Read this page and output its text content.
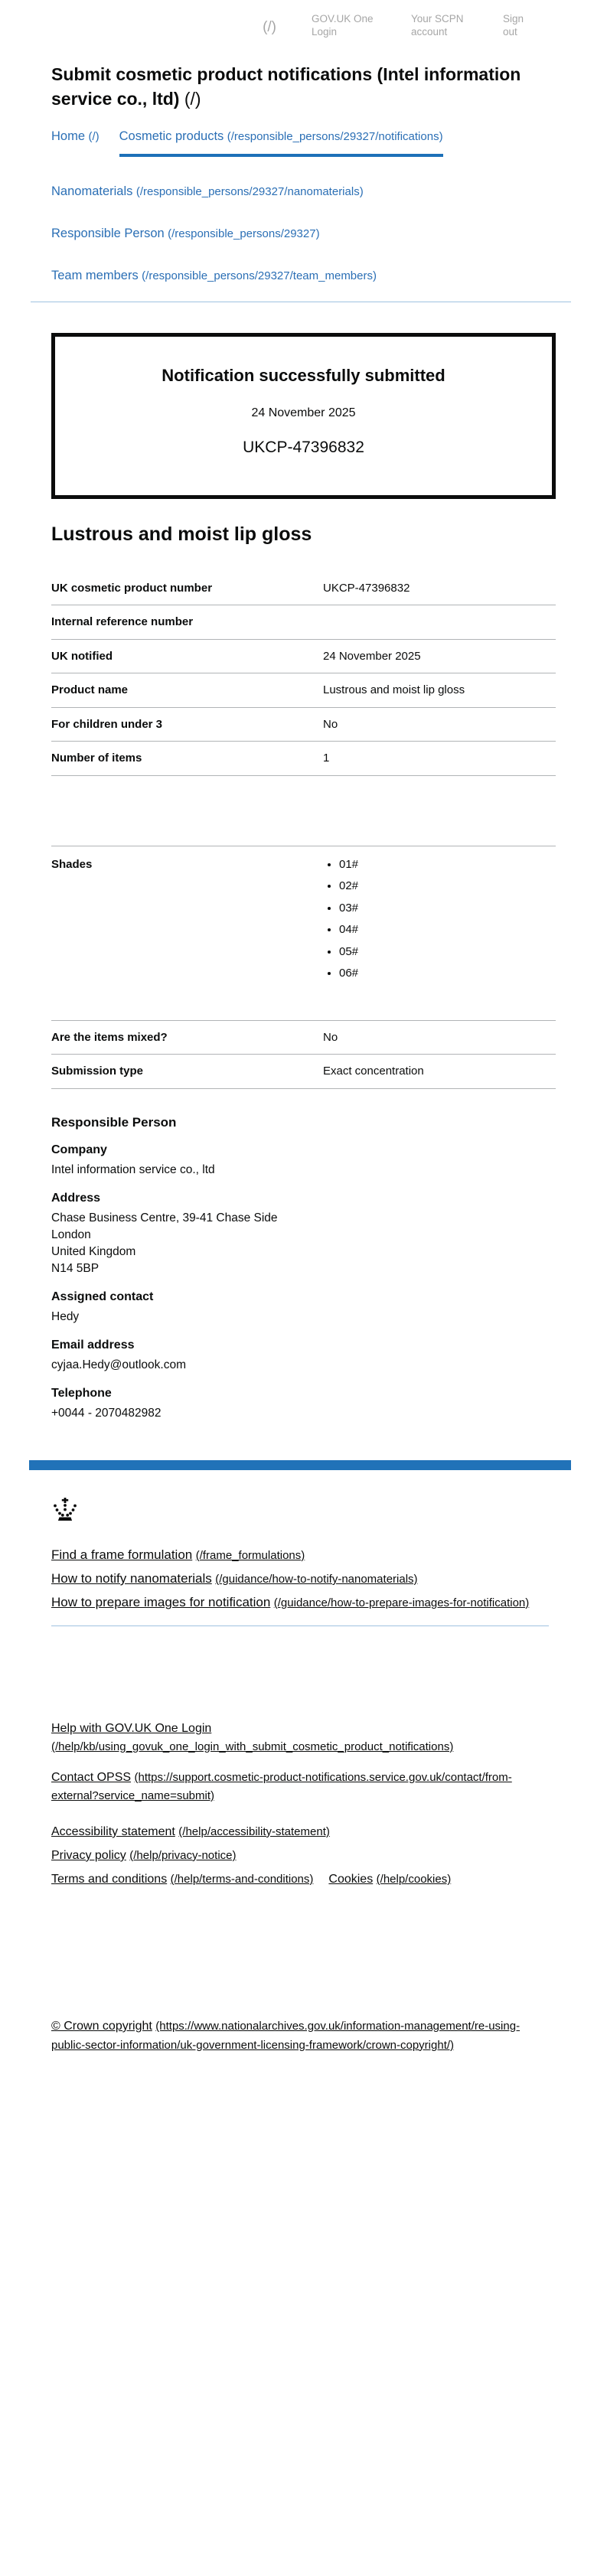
(/)
GOV.UK One Login
Your SCPN account
Sign out
Submit cosmetic product notifications (Intel information service co., ltd) (/)
Home (/) Cosmetic products (/responsible_persons/29327/notifications)
Nanomaterials (/responsible_persons/29327/nanomaterials)
Responsible Person (/responsible_persons/29327)
Team members (/responsible_persons/29327/team_members)
Notification successfully submitted
24 November 2025
UKCP-47396832
Lustrous and moist lip gloss
UK cosmetic product number	UKCP-47396832
Internal reference number
UK notified	24 November 2025
Product name	Lustrous and moist lip gloss
For children under 3	No
Number of items	1
Shades	• 01#
• 02#
• 03#
• 04#
• 05#
• 06#
Are the items mixed?	No
Submission type	Exact concentration
Responsible Person
Company
Intel information service co., ltd
Address
Chase Business Centre, 39-41 Chase Side
London
United Kingdom
N14 5BP
Assigned contact
Hedy
Email address
cyjaa.Hedy@outlook.com
Telephone
+0044 - 2070482982

Find a frame formulation (/frame_formulations)

How to notify nanomaterials (/guidance/how-to-notify-nanomaterials)

How to prepare images for notification (/guidance/how-to-prepare-images-for-notification)

Help with GOV.UK One Login (/help/kb/using_govuk_one_login_with_submit_cosmetic_product_notifications)

Contact OPSS (https://support.cosmetic-product-notifications.service.gov.uk/contact/from-external?service_name=submit)

Accessibility statement (/help/accessibility-statement)

Privacy policy (/help/privacy-notice)

Terms and conditions (/help/terms-and-conditions) Cookies (/help/cookies)

© Crown copyright (https://www.nationalarchives.gov.uk/information-management/re-using-public-sector-information/uk-government-licensing-framework/crown-copyright/)
